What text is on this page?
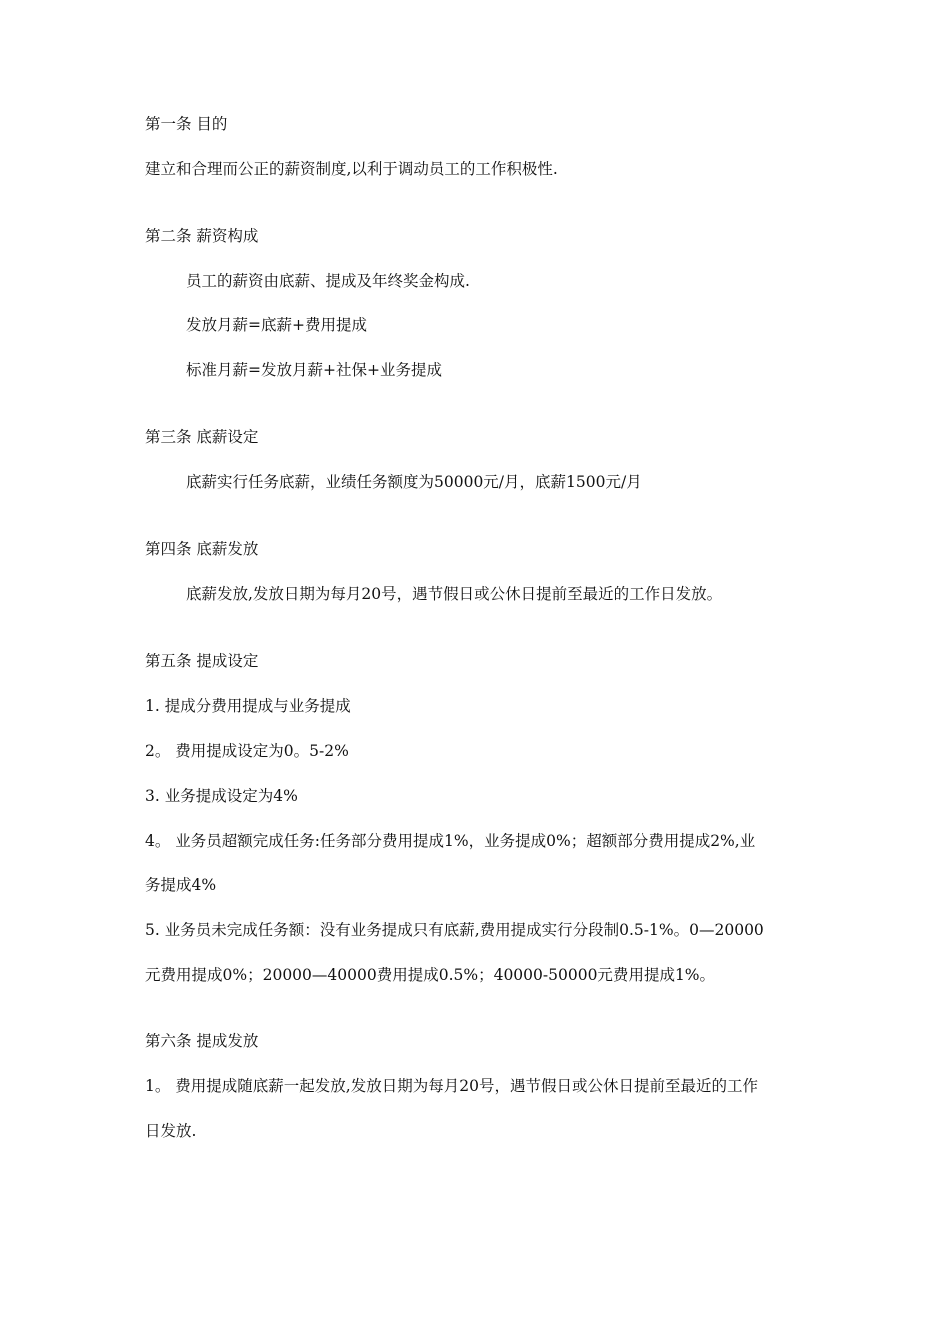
第一条 目的
建立和合理而公正的薪资制度,以利于调动员工的工作积极性.
第二条 薪资构成
员工的薪资由底薪、提成及年终奖金构成.
发放月薪=底薪+费用提成
标准月薪=发放月薪+社保+业务提成
第三条 底薪设定
底薪实行任务底薪，业绩任务额度为50000元/月，底薪1500元/月
第四条 底薪发放
底薪发放,发放日期为每月20号，遇节假日或公休日提前至最近的工作日发放。
第五条 提成设定
1. 提成分费用提成与业务提成
2。 费用提成设定为0。5-2%
3. 业务提成设定为4%
4。 业务员超额完成任务:任务部分费用提成1%，业务提成0%；超额部分费用提成2%,业
务提成4%
5. 业务员未完成任务额：没有业务提成只有底薪,费用提成实行分段制0.5-1%。0—20000
元费用提成0%；20000—40000费用提成0.5%；40000-50000元费用提成1%。
第六条 提成发放
1。 费用提成随底薪一起发放,发放日期为每月20号，遇节假日或公休日提前至最近的工作
日发放.
